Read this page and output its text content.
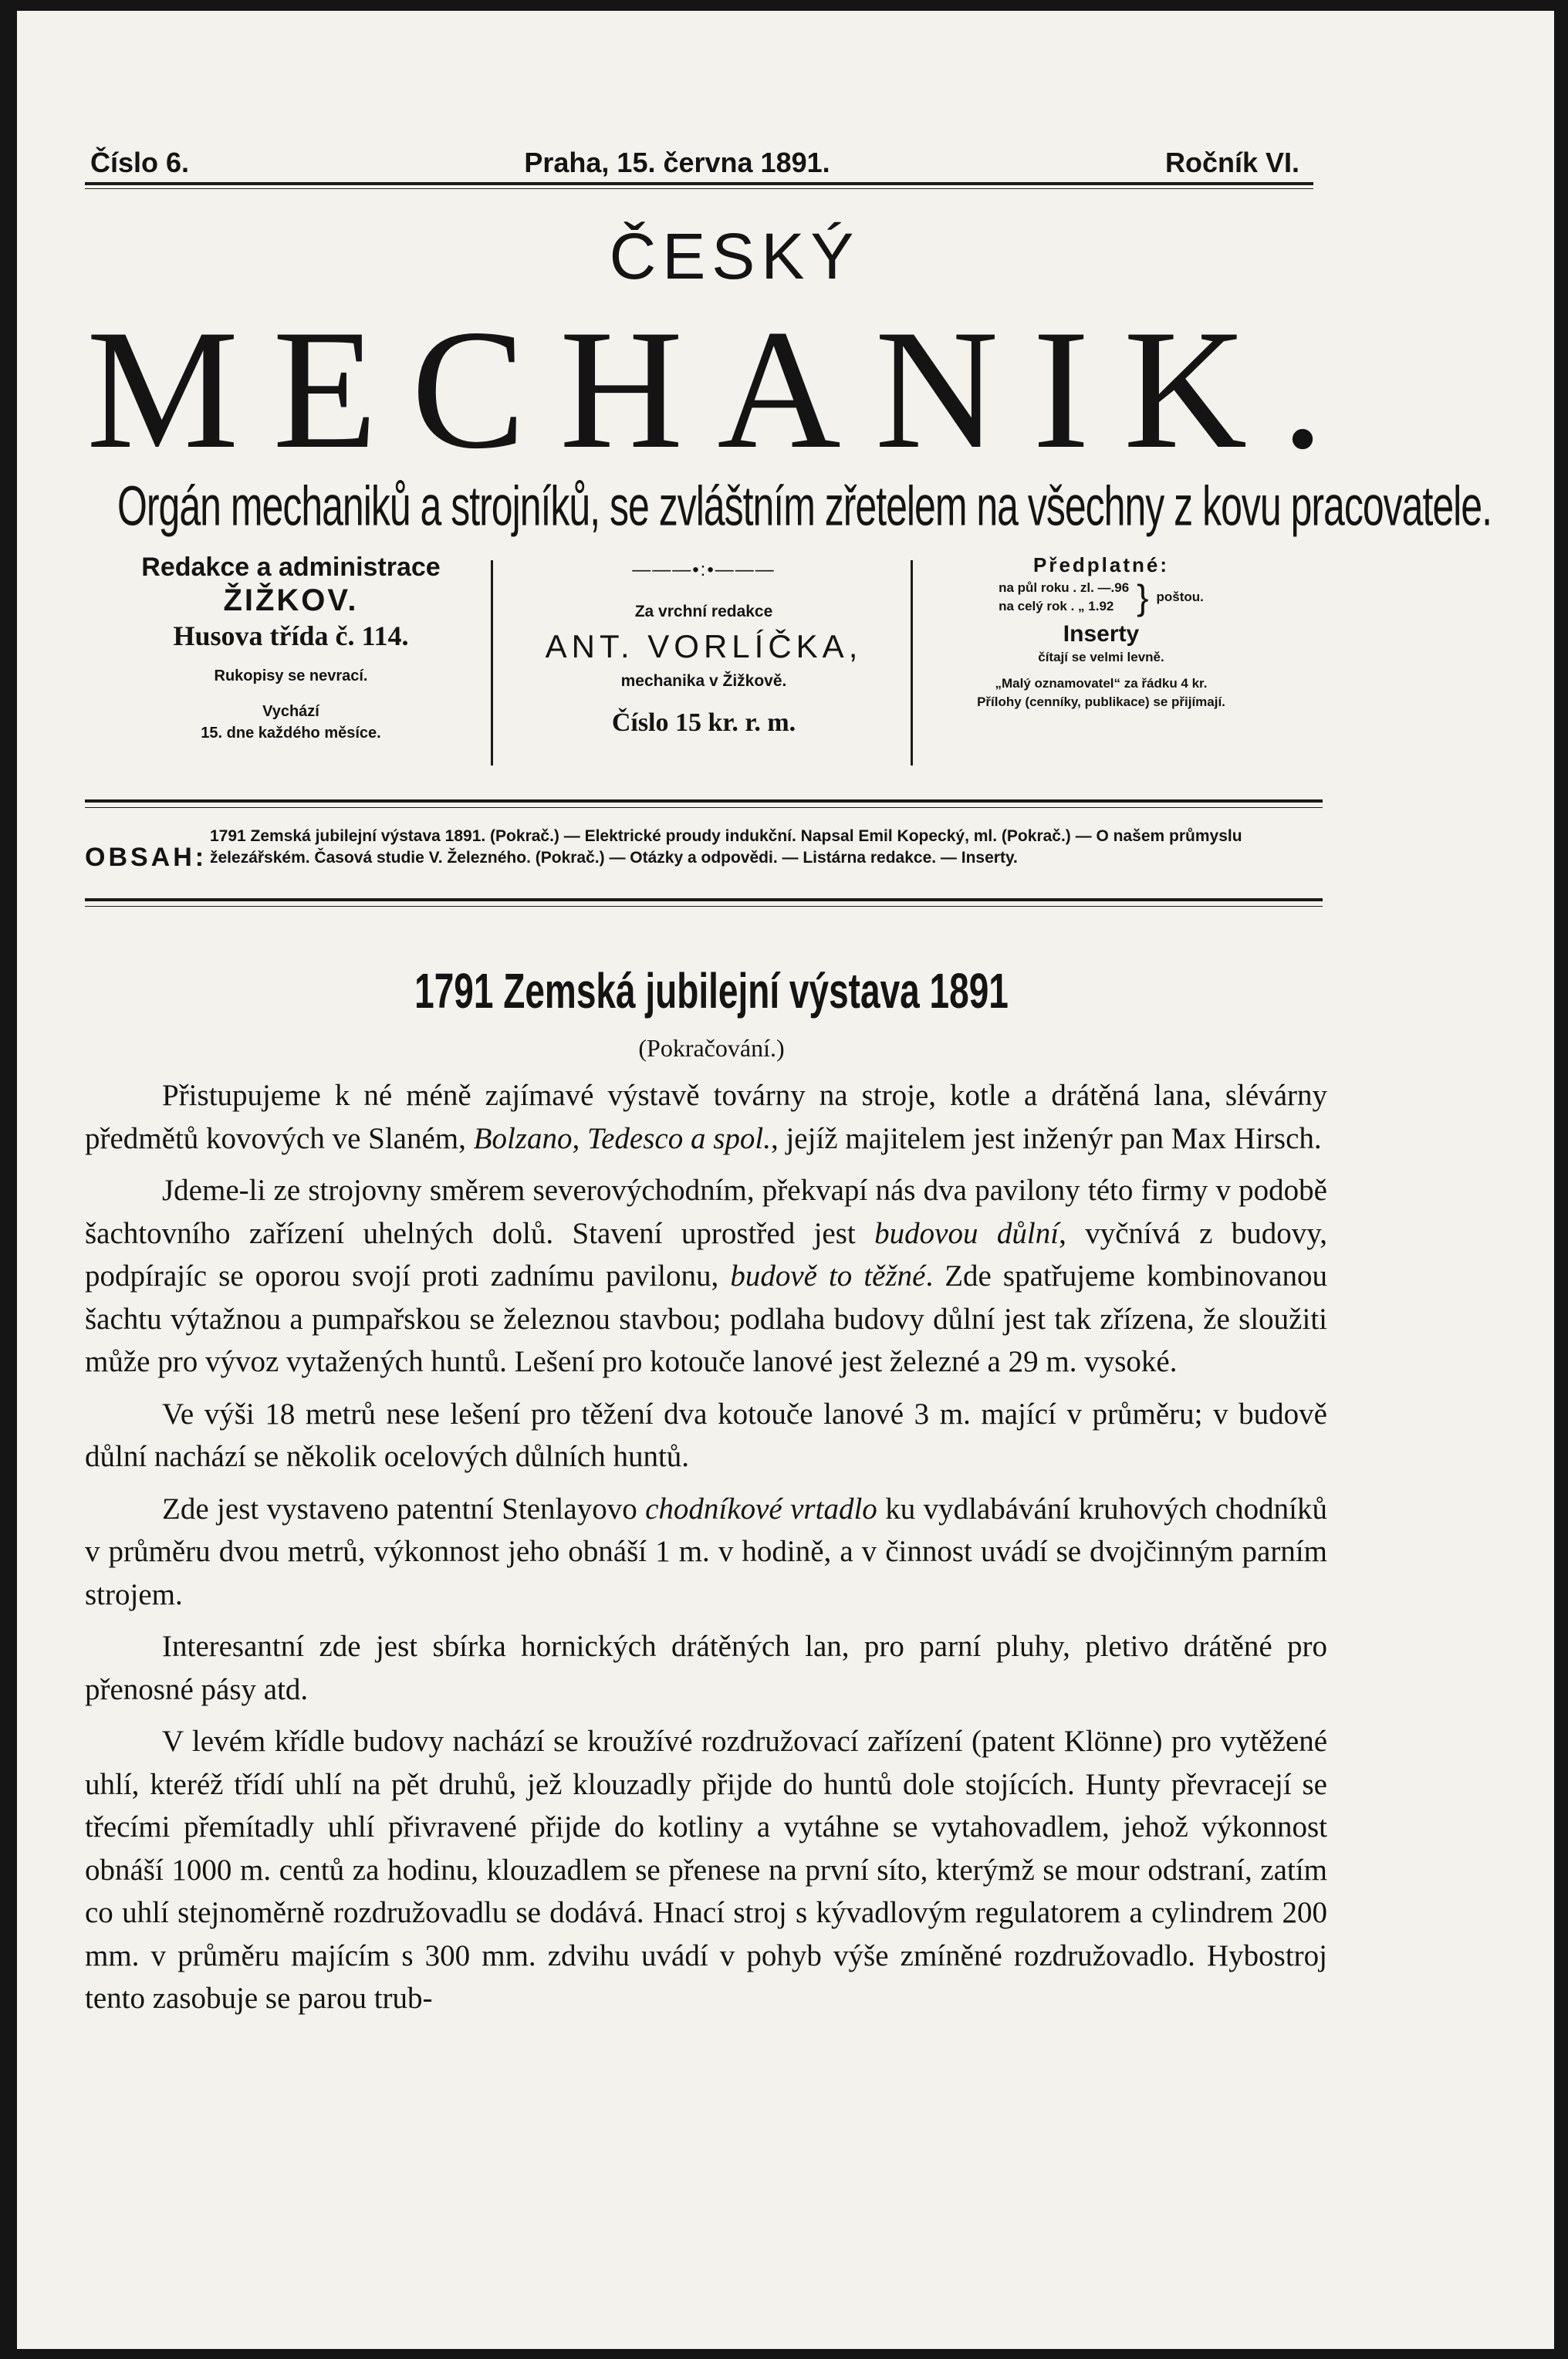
Číslo 6.	Praha, 15. června 1891.	Ročník VI.
ČESKÝ
MECHANIK.
Orgán mechaniků a strojníků, se zvláštním zřetelem na všechny z kovu pracovatele.
Redakce a administrace
ŽIŽKOV.
Husova třída č. 114.
Rukopisy se nevrací.
Vychází
15. dne každého měsíce.
———•:•———
Za vrchní redakce
ANT. VORLÍČKA,
mechanika v Žižkově.
Číslo 15 kr. r. m.
Předplatné:
na půl roku . zl. —.96
na celý rok . „ 1.92 } poštou.
Inserty
čítají se velmi levně.
„Malý oznamovatel“ za řádku 4 kr.
Přílohy (cenníky, publikace) se přijímají.
OBSAH:
1791 Zemská jubilejní výstava 1891. (Pokrač.) — Elektrické proudy indukční. Napsal Emil Kopecký, ml. (Pokrač.) — O našem průmyslu železářském. Časová studie V. Železného. (Pokrač.) — Otázky a odpovědi. — Listárna redakce. — Inserty.
1791 Zemská jubilejní výstava 1891
(Pokračování.)

Přistupujeme k né méně zajímavé výstavě továrny na stroje, kotle a drátěná lana, slévárny předmětů kovových ve Slaném, Bolzano, Tedesco a spol., jejíž majitelem jest inženýr pan Max Hirsch.

Jdeme-li ze strojovny směrem severovýchodním, překvapí nás dva pavilony této firmy v podobě šachtovního zařízení uhelných dolů. Stavení uprostřed jest budovou důlní, vyčnívá z budovy, podpírajíc se oporou svojí proti zadnímu pavilonu, budově to těžné. Zde spatřujeme kombinovanou šachtu výtažnou a pumpařskou se železnou stavbou; podlaha budovy důlní jest tak zřízena, že sloužiti může pro vývoz vytažených huntů. Lešení pro kotouče lanové jest železné a 29 m. vysoké.

Ve výši 18 metrů nese lešení pro těžení dva kotouče lanové 3 m. mající v průměru; v budově důlní nachází se několik ocelových důlních huntů.

Zde jest vystaveno patentní Stenlayovo chodníkové vrtadlo ku vydlabávání kruhových chodníků v průměru dvou metrů, výkonnost jeho obnáší 1 m. v hodině, a v činnost uvádí se dvojčinným parním strojem.

Interesantní zde jest sbírka hornických drátěných lan, pro parní pluhy, pletivo drátěné pro přenosné pásy atd.

V levém křídle budovy nachází se kroužívé rozdružovací zařízení (patent Klönne) pro vytěžené uhlí, kteréž třídí uhlí na pět druhů, jež klouzadly přijde do huntů dole stojících. Hunty převracejí se třecími přemítadly uhlí přivravené přijde do kotliny a vytáhne se vytahovadlem, jehož výkonnost obnáší 1000 m. centů za hodinu, klouzadlem se přenese na první síto, kterýmž se mour odstraní, zatím co uhlí stejnoměrně rozdružovadlu se dodává. Hnací stroj s kývadlovým regulatorem a cylindrem 200 mm. v průměru majícím s 300 mm. zdvihu uvádí v pohyb výše zmíněné rozdružovadlo. Hybostroj tento zasobuje se parou trub-
